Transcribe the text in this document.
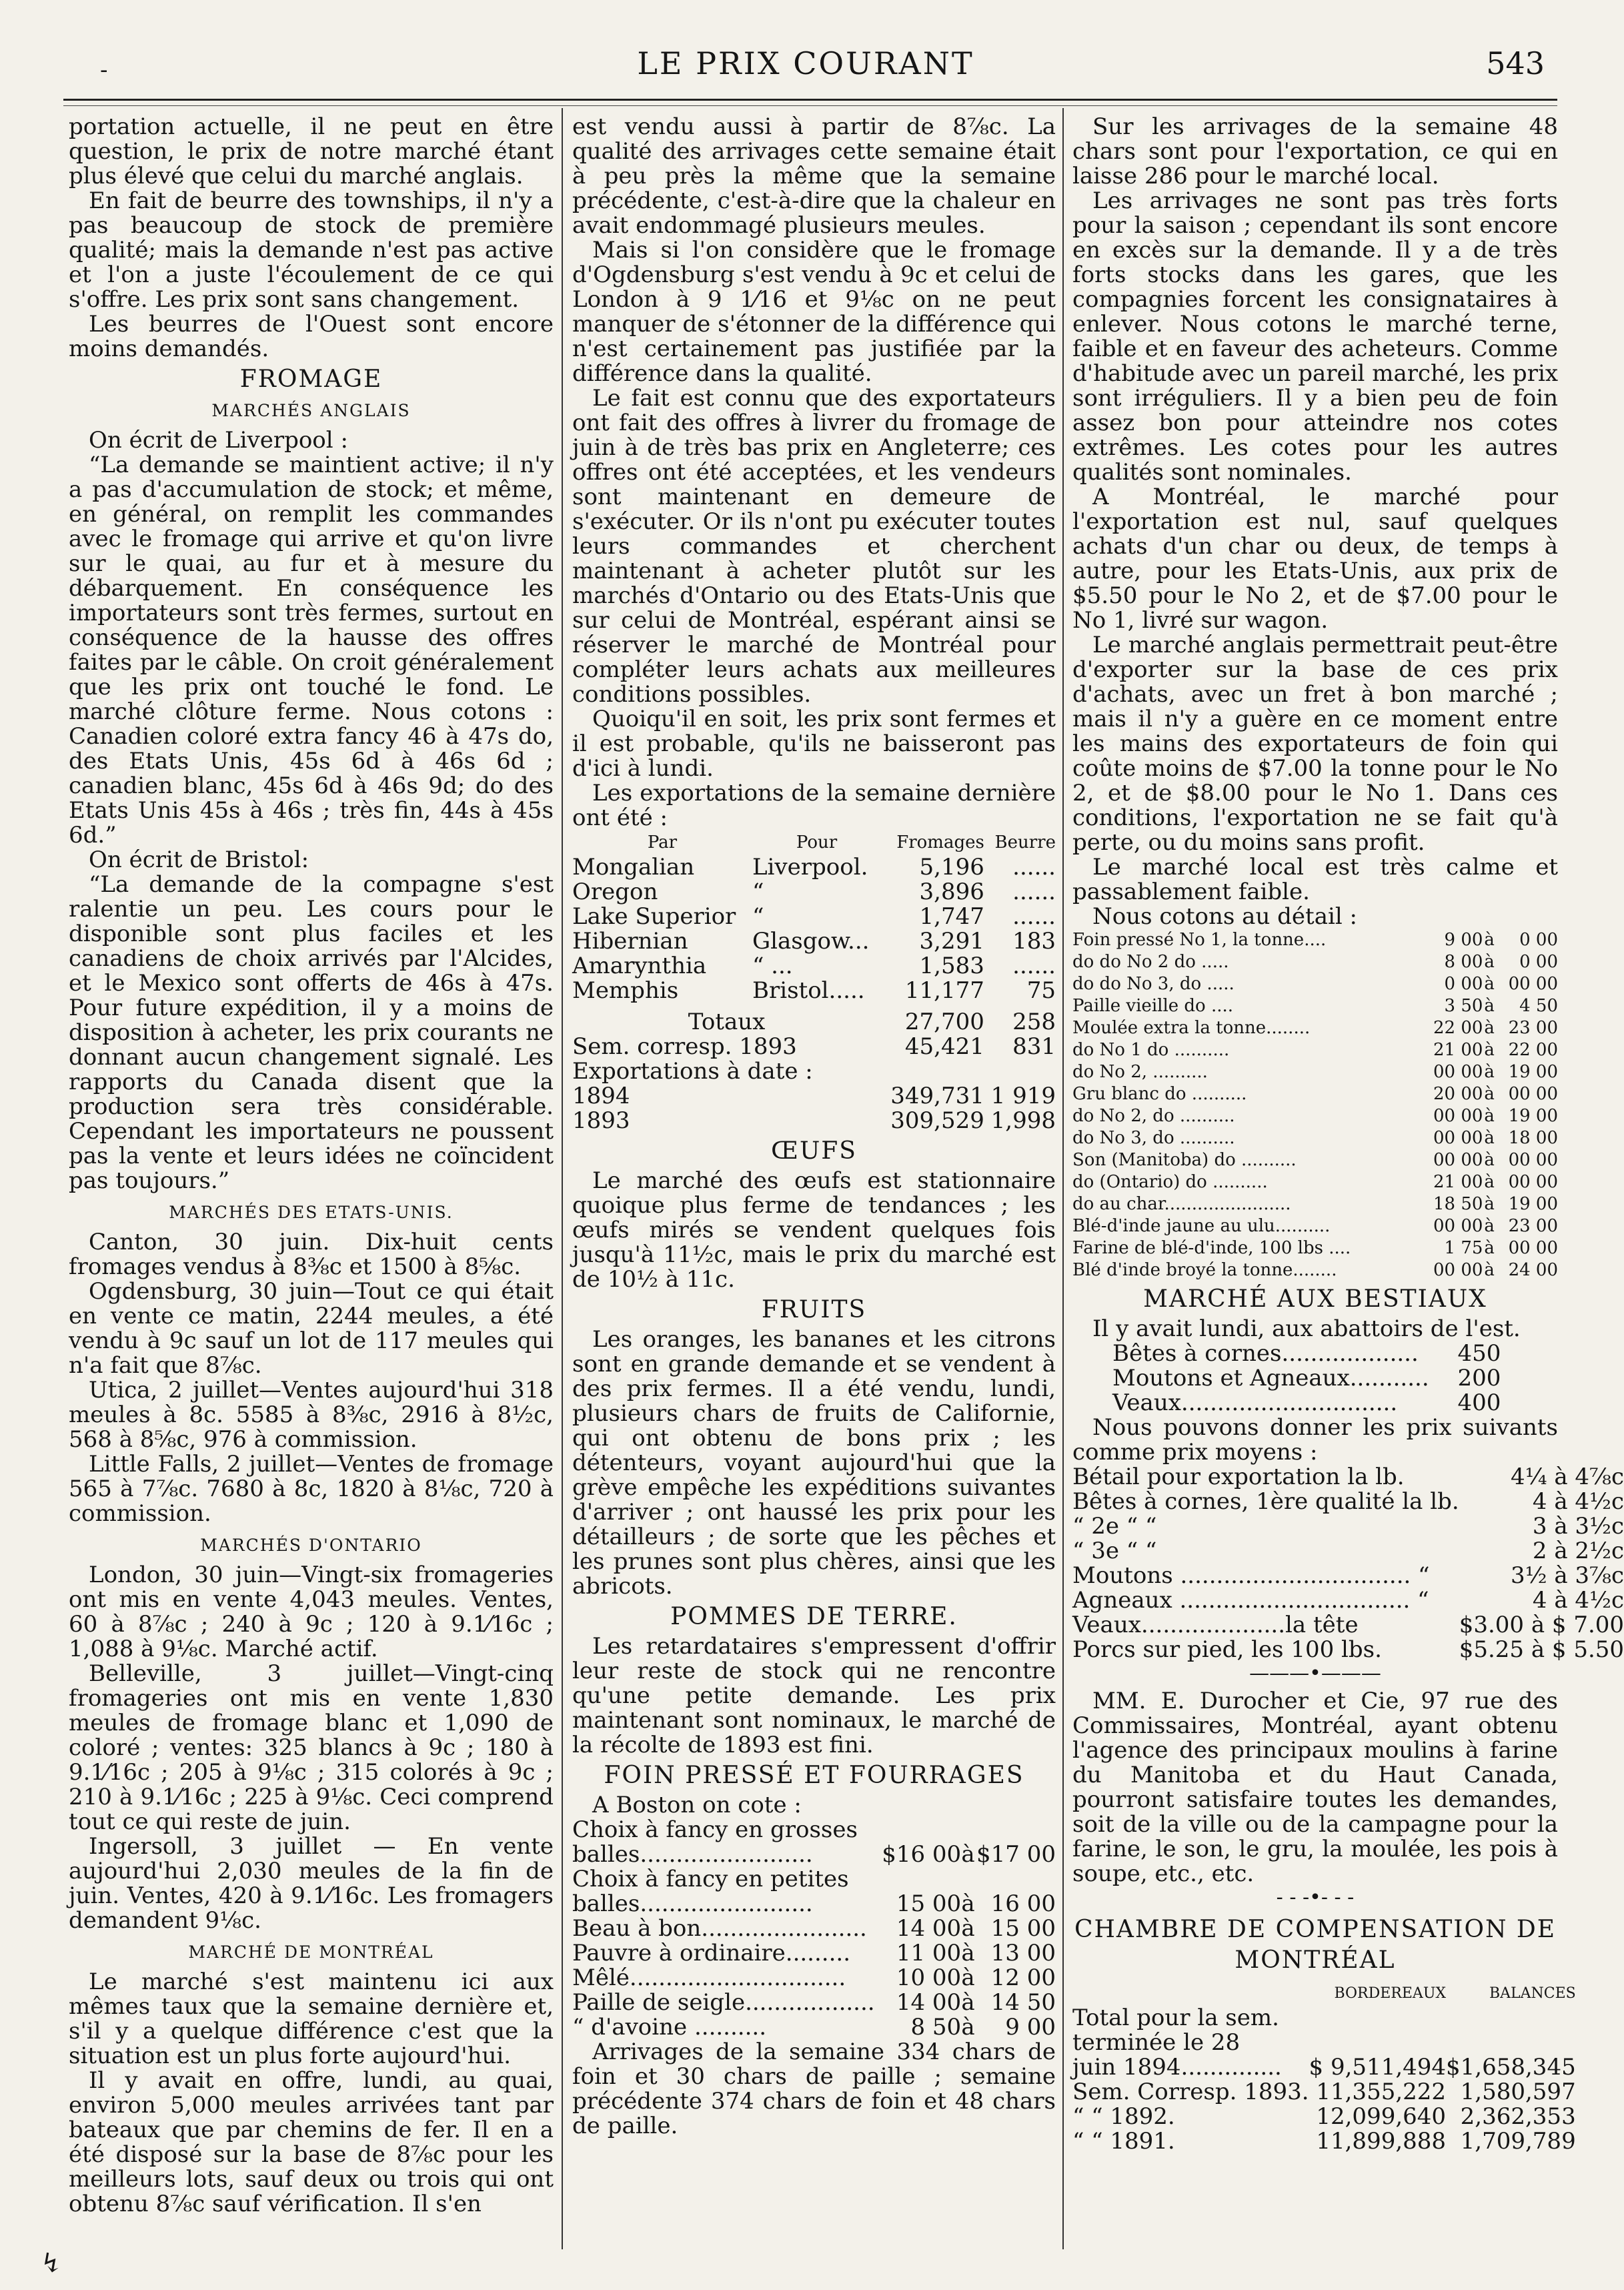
-	LE PRIX COURANT	543

portation actuelle, il ne peut en être question, le prix de notre marché étant plus élevé que celui du marché anglais.

En fait de beurre des townships, il n'y a pas beaucoup de stock de première qualité; mais la demande n'est pas active et l'on a juste l'écoulement de ce qui s'offre. Les prix sont sans changement.

Les beurres de l'Ouest sont encore moins demandés.

FROMAGE
MARCHÉS ANGLAIS

On écrit de Liverpool :

“La demande se maintient active; il n'y a pas d'accumulation de stock; et même, en général, on remplit les commandes avec le fromage qui arrive et qu'on livre sur le quai, au fur et à mesure du débarquement. En conséquence les importateurs sont très fermes, surtout en conséquence de la hausse des offres faites par le câble. On croit généralement que les prix ont touché le fond. Le marché clôture ferme. Nous cotons : Canadien coloré extra fancy 46 à 47s do, des Etats Unis, 45s 6d à 46s 6d ; canadien blanc, 45s 6d à 46s 9d; do des Etats Unis 45s à 46s ; très fin, 44s à 45s 6d.”

On écrit de Bristol:

“La demande de la compagne s'est ralentie un peu. Les cours pour le disponible sont plus faciles et les canadiens de choix arrivés par l'Alcides, et le Mexico sont offerts de 46s à 47s. Pour future expédition, il y a moins de disposition à acheter, les prix courants ne donnant aucun changement signalé. Les rapports du Canada disent que la production sera très considérable. Cependant les importateurs ne poussent pas la vente et leurs idées ne coïncident pas toujours.”

MARCHÉS DES ETATS-UNIS.

Canton, 30 juin. Dix-huit cents fromages vendus à 8⅜c et 1500 à 8⅝c.

Ogdensburg, 30 juin—Tout ce qui était en vente ce matin, 2244 meules, a été vendu à 9c sauf un lot de 117 meules qui n'a fait que 8⅞c.

Utica, 2 juillet—Ventes aujourd'hui 318 meules à 8c. 5585 à 8⅜c, 2916 à 8½c, 568 à 8⅝c, 976 à commission.

Little Falls, 2 juillet—Ventes de fromage 565 à 7⅞c. 7680 à 8c, 1820 à 8⅛c, 720 à commission.

MARCHÉS D'ONTARIO

London, 30 juin—Vingt-six fromageries ont mis en vente 4,043 meules. Ventes, 60 à 8⅞c ; 240 à 9c ; 120 à 9.1⁄16c ; 1,088 à 9⅛c. Marché actif.

Belleville, 3 juillet—Vingt-cinq fromageries ont mis en vente 1,830 meules de fromage blanc et 1,090 de coloré ; ventes: 325 blancs à 9c ; 180 à 9.1⁄16c ; 205 à 9⅛c ; 315 colorés à 9c ; 210 à 9.1⁄16c ; 225 à 9⅛c. Ceci comprend tout ce qui reste de juin.

Ingersoll, 3 juillet — En vente aujourd'hui 2,030 meules de la fin de juin. Ventes, 420 à 9.1⁄16c. Les fromagers demandent 9⅛c.

MARCHÉ DE MONTRÉAL

Le marché s'est maintenu ici aux mêmes taux que la semaine dernière et, s'il y a quelque différence c'est que la situation est un plus forte aujourd'hui.

Il y avait en offre, lundi, au quai, environ 5,000 meules arrivées tant par bateaux que par chemins de fer. Il en a été disposé sur la base de 8⅞c pour les meilleurs lots, sauf deux ou trois qui ont obtenu 8⅞c sauf vérification. Il s'en

est vendu aussi à partir de 8⅞c. La qualité des arrivages cette semaine était à peu près la même que la semaine précédente, c'est-à-dire que la chaleur en avait endommagé plusieurs meules.

Mais si l'on considère que le fromage d'Ogdensburg s'est vendu à 9c et celui de London à 9 1⁄16 et 9⅛c on ne peut manquer de s'étonner de la différence qui n'est certainement pas justifiée par la différence dans la qualité.

Le fait est connu que des exportateurs ont fait des offres à livrer du fromage de juin à de très bas prix en Angleterre; ces offres ont été acceptées, et les vendeurs sont maintenant en demeure de s'exécuter. Or ils n'ont pu exécuter toutes leurs commandes et cherchent maintenant à acheter plutôt sur les marchés d'Ontario ou des Etats-Unis que sur celui de Montréal, espérant ainsi se réserver le marché de Montréal pour compléter leurs achats aux meilleures conditions possibles.

Quoiqu'il en soit, les prix sont fermes et il est probable, qu'ils ne baisseront pas d'ici à lundi.

Les exportations de la semaine dernière ont été :

Par	Pour	Fromages	Beurre
Mongalian	Liverpool.	5,196	......
Oregon	“	3,896	......
Lake Superior	“	1,747	......
Hibernian	Glasgow...	3,291	183
Amarynthia	“ ...	1,583	......
Memphis	Bristol.....	11,177	75
Totaux		27,700	258
Sem. corresp. 1893		45,421	831
Exportations à date :			
1894		349,731	1 919
1893		309,529	1,998
ŒUFS

Le marché des œufs est stationnaire quoique plus ferme de tendances ; les œufs mirés se vendent quelques fois jusqu'à 11½c, mais le prix du marché est de 10½ à 11c.

FRUITS

Les oranges, les bananes et les citrons sont en grande demande et se vendent à des prix fermes. Il a été vendu, lundi, plusieurs chars de fruits de Californie, qui ont obtenu de bons prix ; les détenteurs, voyant aujourd'hui que la grève empêche les expéditions suivantes d'arriver ; ont haussé les prix pour les détailleurs ; de sorte que les pêches et les prunes sont plus chères, ainsi que les abricots.

POMMES DE TERRE.

Les retardataires s'empressent d'offrir leur reste de stock qui ne rencontre qu'une petite demande. Les prix maintenant sont nominaux, le marché de la récolte de 1893 est fini.

FOIN PRESSÉ ET FOURRAGES

A Boston on cote :

Choix à fancy en grosses			
balles........................	$16 00	à	$17 00
Choix à fancy en petites			
balles........................	15 00	à	16 00
Beau à bon.......................	14 00	à	15 00
Pauvre à ordinaire.........	11 00	à	13 00
Mêlé..............................	10 00	à	12 00
Paille de seigle..................	14 00	à	14 50
“ d'avoine ..........	8 50	à	9 00

Arrivages de la semaine 334 chars de foin et 30 chars de paille ; semaine précédente 374 chars de foin et 48 chars de paille.

Sur les arrivages de la semaine 48 chars sont pour l'exportation, ce qui en laisse 286 pour le marché local.

Les arrivages ne sont pas très forts pour la saison ; cependant ils sont encore en excès sur la demande. Il y a de très forts stocks dans les gares, que les compagnies forcent les consignataires à enlever. Nous cotons le marché terne, faible et en faveur des acheteurs. Comme d'habitude avec un pareil marché, les prix sont irréguliers. Il y a bien peu de foin assez bon pour atteindre nos cotes extrêmes. Les cotes pour les autres qualités sont nominales.

A Montréal, le marché pour l'exportation est nul, sauf quelques achats d'un char ou deux, de temps à autre, pour les Etats-Unis, aux prix de $5.50 pour le No 2, et de $7.00 pour le No 1, livré sur wagon.

Le marché anglais permettrait peut-être d'exporter sur la base de ces prix d'achats, avec un fret à bon marché ; mais il n'y a guère en ce moment entre les mains des exportateurs de foin qui coûte moins de $7.00 la tonne pour le No 2, et de $8.00 pour le No 1. Dans ces conditions, l'exportation ne se fait qu'à perte, ou du moins sans profit.

Le marché local est très calme et passablement faible.

Nous cotons au détail :

Foin pressé No 1, la tonne....	9 00	à	0 00
do do No 2 do .....	8 00	à	0 00
do do No 3, do .....	0 00	à	00 00
Paille vieille do ....	3 50	à	4 50
Moulée extra la tonne........	22 00	à	23 00
do No 1 do ..........	21 00	à	22 00
do No 2, ..........	00 00	à	19 00
Gru blanc do ..........	20 00	à	00 00
do No 2, do ..........	00 00	à	19 00
do No 3, do ..........	00 00	à	18 00
Son (Manitoba) do ..........	00 00	à	00 00
do (Ontario) do ..........	21 00	à	00 00
do au char.......................	18 50	à	19 00
Blé-d'inde jaune au ulu..........	00 00	à	23 00
Farine de blé-d'inde, 100 lbs ....	1 75	à	00 00
Blé d'inde broyé la tonne........	00 00	à	24 00
MARCHÉ AUX BESTIAUX

Il y avait lundi, aux abattoirs de l'est.

Bêtes à cornes...................	450
Moutons et Agneaux...........	200
Veaux..............................	400

Nous pouvons donner les prix suivants comme prix moyens :

Bétail pour exportation la lb.	4¼ à 4⅞c
Bêtes à cornes, 1ère qualité la lb.	4 à 4½c
“ 2e “ “	3 à 3½c
“ 3e “ “	2 à 2½c
Moutons ................................ “	3½ à 3⅞c
Agneaux ................................ “	4 à 4½c
Veaux....................la tête	$3.00 à $ 7.00
Porcs sur pied, les 100 lbs.	$5.25 à $ 5.50
———•———

MM. E. Durocher et Cie, 97 rue des Commissaires, Montréal, ayant obtenu l'agence des principaux moulins à farine du Manitoba et du Haut Canada, pourront satisfaire toutes les demandes, soit de la ville ou de la campagne pour la farine, le son, le gru, la moulée, les pois à soupe, etc., etc.

- - -•- - -
CHAMBRE DE COMPENSATION DE MONTRÉAL
	BORDEREAUX	BALANCES
Total pour la sem.		
terminée le 28		
juin 1894..............	$ 9,511,494	$1,658,345
Sem. Corresp. 1893.	11,355,222	1,580,597
“ “ 1892.	12,099,640	2,362,353
“ “ 1891.	11,899,888	1,709,789
↯
